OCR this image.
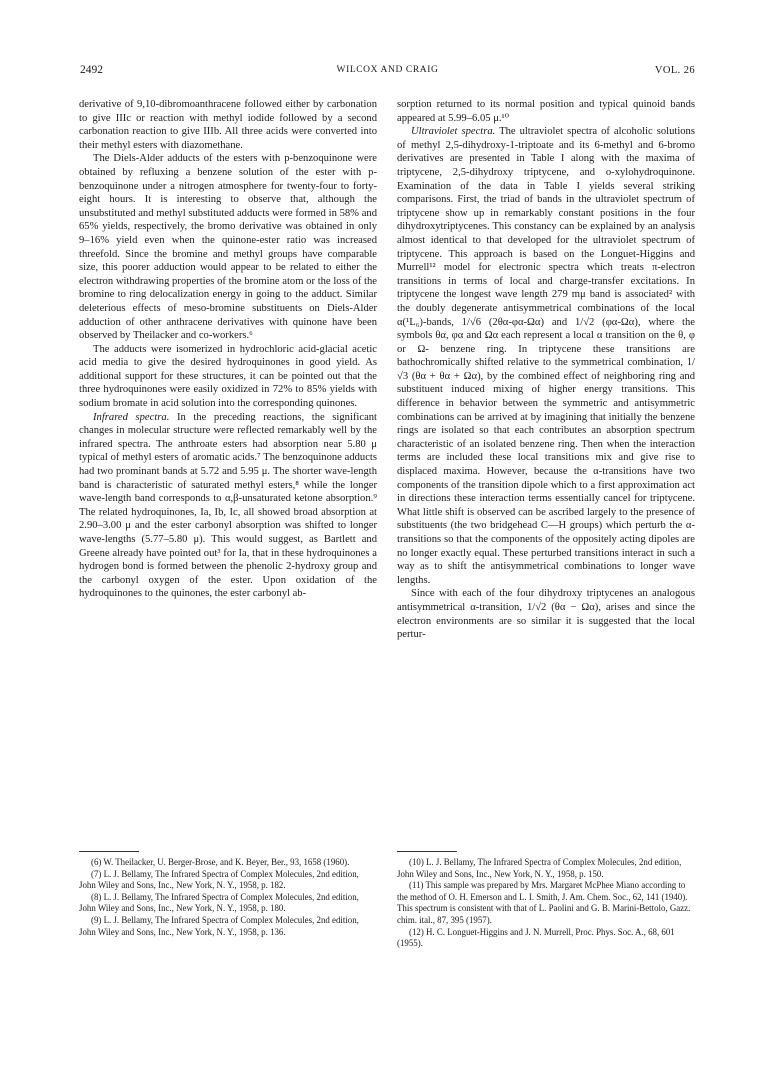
2492	WILCOX AND CRAIG	VOL. 26

derivative of 9,10-dibromoanthracene followed either by carbonation to give IIIc or reaction with methyl iodide followed by a second carbonation reaction to give IIIb. All three acids were converted into their methyl esters with diazomethane.

The Diels-Alder adducts of the esters with p-benzoquinone were obtained by refluxing a benzene solution of the ester with p-benzoquinone under a nitrogen atmosphere for twenty-four to forty-eight hours. It is interesting to observe that, although the unsubstituted and methyl substituted adducts were formed in 58% and 65% yields, respectively, the bromo derivative was obtained in only 9–16% yield even when the quinone-ester ratio was increased threefold. Since the bromine and methyl groups have comparable size, this poorer adduction would appear to be related to either the electron withdrawing properties of the bromine atom or the loss of the bromine to ring delocalization energy in going to the adduct. Similar deleterious effects of meso-bromine substituents on Diels-Alder adduction of other anthracene derivatives with quinone have been observed by Theilacker and co-workers.⁶

The adducts were isomerized in hydrochloric acid-glacial acetic acid media to give the desired hydroquinones in good yield. As additional support for these structures, it can be pointed out that the three hydroquinones were easily oxidized in 72% to 85% yields with sodium bromate in acid solution into the corresponding quinones.

Infrared spectra. In the preceding reactions, the significant changes in molecular structure were reflected remarkably well by the infrared spectra. The anthroate esters had absorption near 5.80 μ typical of methyl esters of aromatic acids.⁷ The benzoquinone adducts had two prominant bands at 5.72 and 5.95 μ. The shorter wave-length band is characteristic of saturated methyl esters,⁸ while the longer wave-length band corresponds to α,β-unsaturated ketone absorption.⁹ The related hydroquinones, Ia, Ib, Ic, all showed broad absorption at 2.90–3.00 μ and the ester carbonyl absorption was shifted to longer wave-lengths (5.77–5.80 μ). This would suggest, as Bartlett and Greene already have pointed out³ for Ia, that in these hydroquinones a hydrogen bond is formed between the phenolic 2-hydroxy group and the carbonyl oxygen of the ester. Upon oxidation of the hydroquinones to the quinones, the ester carbonyl ab-

sorption returned to its normal position and typical quinoid bands appeared at 5.99–6.05 μ.¹⁰

Ultraviolet spectra. The ultraviolet spectra of alcoholic solutions of methyl 2,5-dihydroxy-1-triptoate and its 6-methyl and 6-bromo derivatives are presented in Table I along with the maxima of triptycene, 2,5-dihydroxy triptycene, and o-xylohydroquinone. Examination of the data in Table I yields several striking comparisons. First, the triad of bands in the ultraviolet spectrum of triptycene show up in remarkably constant positions in the four dihydroxytriptycenes. This constancy can be explained by an analysis almost identical to that developed for the ultraviolet spectrum of triptycene. This approach is based on the Longuet-Higgins and Murrell¹² model for electronic spectra which treats π-electron transitions in terms of local and charge-transfer excitations. In triptycene the longest wave length 279 mμ band is associated² with the doubly degenerate antisymmetrical combinations of the local α(¹L₆)-bands, 1/√6 (2θα-φα-Ωα) and 1/√2 (φα-Ωα), where the symbols θα, φα and Ωα each represent a local α transition on the θ, φ or Ω- benzene ring. In triptycene these transitions are bathochromically shifted relative to the symmetrical combination, 1/√3 (θα + θα + Ωα), by the combined effect of neighboring ring and substituent induced mixing of higher energy transitions. This difference in behavior between the symmetric and antisymmetric combinations can be arrived at by imagining that initially the benzene rings are isolated so that each contributes an absorption spectrum characteristic of an isolated benzene ring. Then when the interaction terms are included these local transitions mix and give rise to displaced maxima. However, because the α-transitions have two components of the transition dipole which to a first approximation act in directions these interaction terms essentially cancel for triptycene. What little shift is observed can be ascribed largely to the presence of substituents (the two bridgehead C—H groups) which perturb the α-transitions so that the components of the oppositely acting dipoles are no longer exactly equal. These perturbed transitions interact in such a way as to shift the antisymmetrical combinations to longer wave lengths.

Since with each of the four dihydroxy triptycenes an analogous antisymmetrical α-transition, 1/√2 (θα − Ωα), arises and since the electron environments are so similar it is suggested that the local pertur-

(6) W. Theilacker, U. Berger-Brose, and K. Beyer, Ber., 93, 1658 (1960).
(7) L. J. Bellamy, The Infrared Spectra of Complex Molecules, 2nd edition, John Wiley and Sons, Inc., New York, N. Y., 1958, p. 182.
(8) L. J. Bellamy, The Infrared Spectra of Complex Molecules, 2nd edition, John Wiley and Sons, Inc., New York, N. Y., 1958, p. 180.
(9) L. J. Bellamy, The Infrared Spectra of Complex Molecules, 2nd edition, John Wiley and Sons, Inc., New York, N. Y., 1958, p. 136.
(10) L. J. Bellamy, The Infrared Spectra of Complex Molecules, 2nd edition, John Wiley and Sons, Inc., New York, N. Y., 1958, p. 150.
(11) This sample was prepared by Mrs. Margaret McPhee Miano according to the method of O. H. Emerson and L. I. Smith, J. Am. Chem. Soc., 62, 141 (1940). This spectrum is consistent with that of L. Paolini and G. B. Marini-Bettolo, Gazz. chim. ital., 87, 395 (1957).
(12) H. C. Longuet-Higgins and J. N. Murrell, Proc. Phys. Soc. A., 68, 601 (1955).
